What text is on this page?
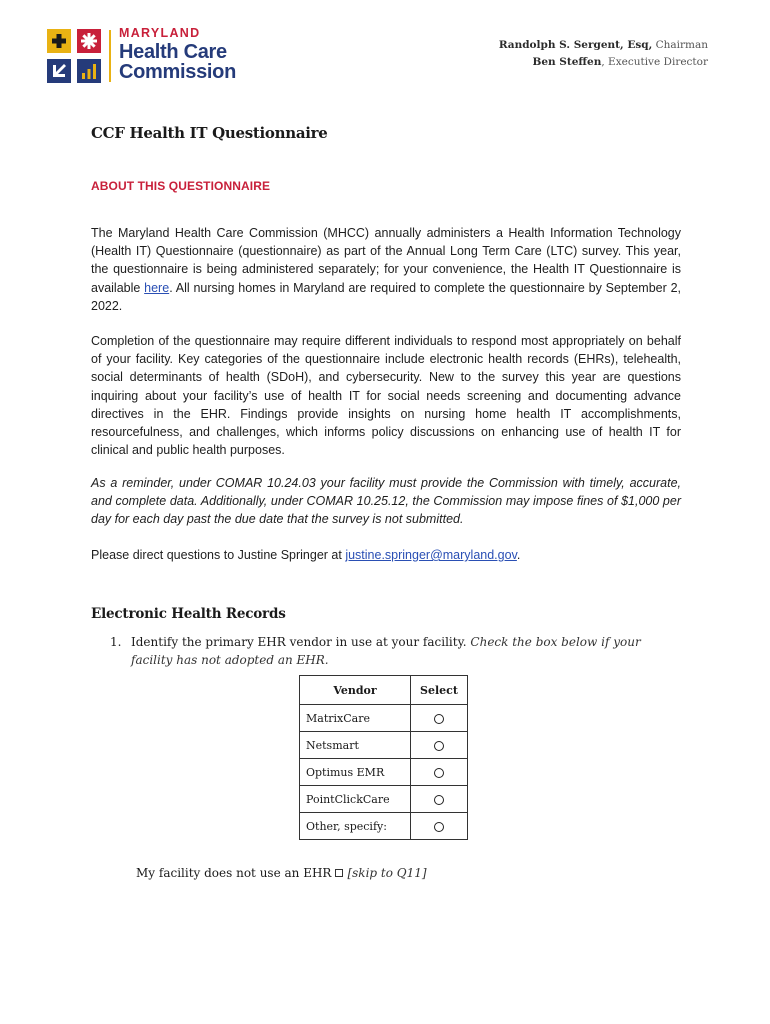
MARYLAND
Health Care
Commission
Randolph S. Sergent, Esq, Chairman
Ben Steffen, Executive Director
CCF Health IT Questionnaire
ABOUT THIS QUESTIONNAIRE
The Maryland Health Care Commission (MHCC) annually administers a Health Information Technology (Health IT) Questionnaire (questionnaire) as part of the Annual Long Term Care (LTC) survey. This year, the questionnaire is being administered separately; for your convenience, the Health IT Questionnaire is available here. All nursing homes in Maryland are required to complete the questionnaire by September 2, 2022.
Completion of the questionnaire may require different individuals to respond most appropriately on behalf of your facility. Key categories of the questionnaire include electronic health records (EHRs), telehealth, social determinants of health (SDoH), and cybersecurity. New to the survey this year are questions inquiring about your facility’s use of health IT for social needs screening and documenting advance directives in the EHR. Findings provide insights on nursing home health IT accomplishments, resourcefulness, and challenges, which informs policy discussions on enhancing use of health IT for clinical and public health purposes.
As a reminder, under COMAR 10.24.03 your facility must provide the Commission with timely, accurate, and complete data. Additionally, under COMAR 10.25.12, the Commission may impose fines of $1,000 per day for each day past the due date that the survey is not submitted.
Please direct questions to Justine Springer at justine.springer@maryland.gov.
Electronic Health Records
1. Identify the primary EHR vendor in use at your facility. Check the box below if your facility has not adopted an EHR.
Vendor	Select
MatrixCare	
Netsmart	
Optimus EMR	
PointClickCare	
Other, specify:	
My facility does not use an EHR [skip to Q11]
